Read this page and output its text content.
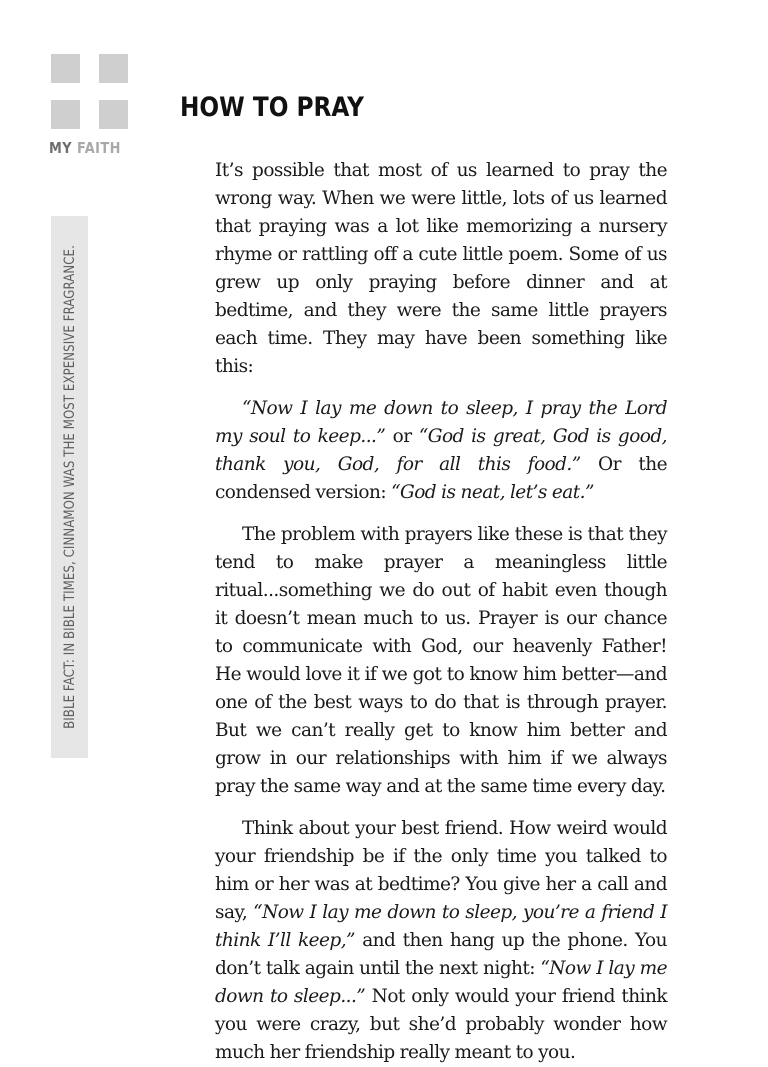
MY FAITH
BIBLE FACT: IN BIBLE TIMES, CINNAMON WAS THE MOST EXPENSIVE FRAGRANCE.
HOW TO PRAY

It’s possible that most of us learned to pray the wrong way. When we were little, lots of us learned that praying was a lot like memorizing a nursery rhyme or rattling off a cute little poem. Some of us grew up only praying before dinner and at bedtime, and they were the same little prayers each time. They may have been something like this:

“Now I lay me down to sleep, I pray the Lord my soul to keep...” or “God is great, God is good, thank you, God, for all this food.” Or the condensed version: “God is neat, let’s eat.”

The problem with prayers like these is that they tend to make prayer a meaningless little ritual...something we do out of habit even though it doesn’t mean much to us. Prayer is our chance to communicate with God, our heavenly Father! He would love it if we got to know him better—and one of the best ways to do that is through prayer. But we can’t really get to know him better and grow in our relationships with him if we always pray the same way and at the same time every day.

Think about your best friend. How weird would your friendship be if the only time you talked to him or her was at bedtime? You give her a call and say, “Now I lay me down to sleep, you’re a friend I think I’ll keep,” and then hang up the phone. You don’t talk again until the next night: “Now I lay me down to sleep...” Not only would your friend think you were crazy, but she’d probably wonder how much her friendship really meant to you.
